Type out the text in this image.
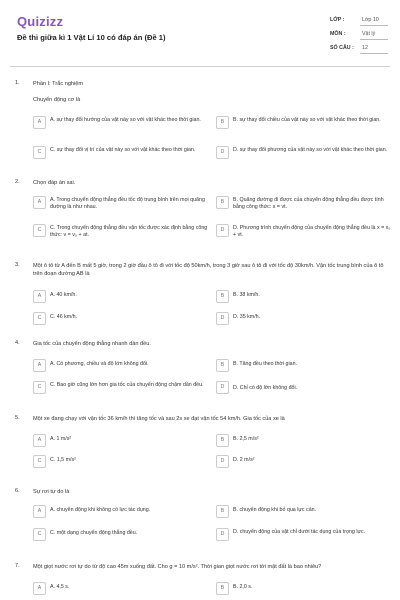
Quizizz
Đề thi giữa kì 1 Vật Lí 10 có đáp án (Đề 1)
LỚP :	Lớp 10
MÔN :	Vật lý
SỐ CÂU : 12
1. Phần I: Trắc nghiệm
Chuyển động cơ là
A	A. sự thay đổi hướng của vật này so với vật khác theo thời gian.	B	B. sự thay đổi chiều của vật này so với vật khác theo thời gian.
C	C. sự thay đổi vị trí của vật này so với vật khác theo thời gian.	D	D. sự thay đổi phương của vật này so với vật khác theo thời gian.
2. Chọn đáp án sai.
A	A. Trong chuyển động thẳng đều tốc độ trung bình trên mọi quãng đường là như nhau.
B	B. Quãng đường đi được của chuyển động thẳng đều được tính bằng công thức: s = vt.
C	C. Trong chuyển động thẳng đều vận tốc được xác định bằng công thức: v = v₀ + at.
D	D. Phương trình chuyển động của chuyển động thẳng đều là x = x₀ + vt.
3. Một ô tô từ A đến B mất 5 giờ, trong 2 giờ đầu ô tô đi với tốc độ 50km/h, trong 3 giờ sau ô tô đi với tốc độ 30km/h. Vận tốc trung bình của ô tô trên đoạn đường AB là
A	A. 40 km/h.	B	B. 38 km/h.
C	C. 46 km/h.	D	D. 35 km/h.
4. Gia tốc của chuyển động thẳng nhanh dần đều.
A	A. Có phương, chiều và độ lớn không đổi.	B	B. Tăng đều theo thời gian.
C	C. Bao giờ cũng lớn hơn gia tốc của chuyển động chậm dần đều.	D	D. Chỉ có độ lớn không đổi.
5. Một xe đang chạy với vận tốc 36 km/h thì tăng tốc và sau 2s xe đạt vận tốc 54 km/h. Gia tốc của xe là
A	A. 1 m/s²	B	B. 2,5 m/s²
C	C. 1,5 m/s²	D	D. 2 m/s²
6. Sự rơi tự do là
A	A. chuyển động khi không có lực tác dụng.	B	B. chuyển động khi bỏ qua lực cản.
C	C. một dạng chuyển động thẳng đều.	D	D. chuyển động của vật chỉ dưới tác dụng của trọng lực.
7. Một giọt nước rơi tự do từ độ cao 45m xuống đất. Cho g = 10 m/s². Thời gian giọt nước rơi tới mặt đất là bao nhiêu?
A	A. 4,5 s.	B	B. 2,0 s.
